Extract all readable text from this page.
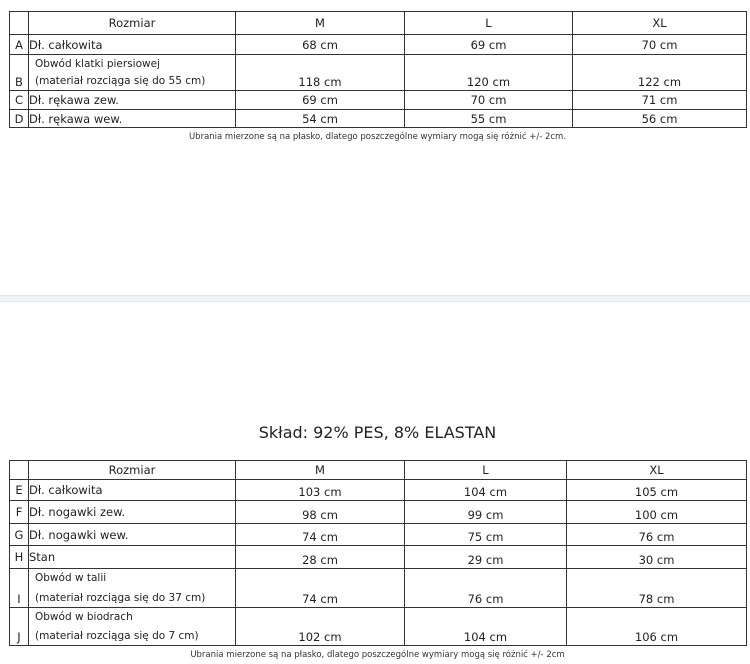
	Rozmiar	M	L	XL
A	Dł. całkowita	68 cm	69 cm	70 cm
B	Obwód klatki piersiowej
(materiał rozciąga się do 55 cm)	118 cm	120 cm	122 cm
C	Dł. rękawa zew.	69 cm	70 cm	71 cm
D	Dł. rękawa wew.	54 cm	55 cm	56 cm
Ubrania mierzone są na płasko, dlatego poszczególne wymiary mogą się różnić +/- 2cm.
Skład: 92% PES, 8% ELASTAN
	Rozmiar	M	L	XL
E	Dł. całkowita	103 cm	104 cm	105 cm
F	Dł. nogawki zew.	98 cm	99 cm	100 cm
G	Dł. nogawki wew.	74 cm	75 cm	76 cm
H	Stan	28 cm	29 cm	30 cm
I	Obwód w talii
(materiał rozciąga się do 37 cm)	74 cm	76 cm	78 cm
J	Obwód w biodrach
(materiał rozciąga się do 7 cm)	102 cm	104 cm	106 cm
Ubrania mierzone są na płasko, dlatego poszczególne wymiary mogą się różnić +/- 2cm
